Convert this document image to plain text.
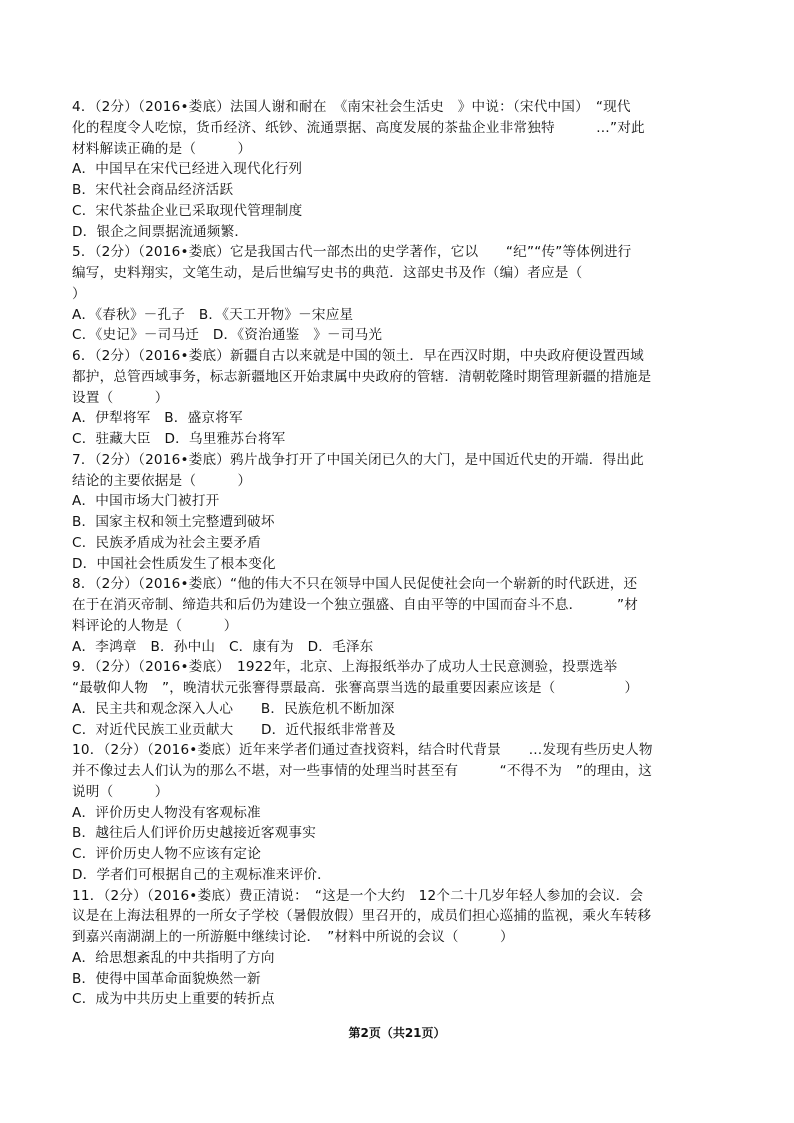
4．（2分）（2016•娄底）法国人谢和耐在　《南宋社会生活史　》中说：（宋代中国）　“现代
化的程度令人吃惊，货币经济、纸钞、流通票据、高度发展的茶盐企业非常独特　　　…”对此
材料解读正确的是（　　　）
A．中国早在宋代已经进入现代化行列
B．宋代社会商品经济活跃
C．宋代茶盐企业已采取现代管理制度
D．银企之间票据流通频繁．
5．（2分）（2016•娄底）它是我国古代一部杰出的史学著作，它以　　“纪”“传”等体例进行
编写，史料翔实，文笔生动，是后世编写史书的典范．这部史书及作（编）者应是（
）
A．《春秋》－孔子　B．《天工开物》－宋应星
C．《史记》－司马迁　D．《资治通鉴　》－司马光
6．（2分）（2016•娄底）新疆自古以来就是中国的领土．早在西汉时期，中央政府便设置西域
都护，总管西域事务，标志新疆地区开始隶属中央政府的管辖．清朝乾隆时期管理新疆的措施是
设置（　　　）
A．伊犁将军　B．盛京将军
C．驻藏大臣　D．乌里雅苏台将军
7．（2分）（2016•娄底）鸦片战争打开了中国关闭已久的大门，是中国近代史的开端．得出此
结论的主要依据是（　　　）
A．中国市场大门被打开
B．国家主权和领土完整遭到破坏
C．民族矛盾成为社会主要矛盾
D．中国社会性质发生了根本变化
8．（2分）（2016•娄底）“他的伟大不只在领导中国人民促使社会向一个崭新的时代跃进，还
在于在消灭帝制、缔造共和后仍为建设一个独立强盛、自由平等的中国而奋斗不息．　　　”材
料评论的人物是（　　　）
A．李鸿章　B．孙中山　C．康有为　D．毛泽东
9．（2分）（2016•娄底）　1922年，北京、上海报纸举办了成功人士民意测验，投票选举
“最敬仰人物　”，晚清状元张謇得票最高．张謇高票当选的最重要因素应该是（　　　　　）
A．民主共和观念深入人心　　B．民族危机不断加深
C．对近代民族工业贡献大　　D．近代报纸非常普及
10．（2分）（2016•娄底）近年来学者们通过查找资料，结合时代背景　　…发现有些历史人物
并不像过去人们认为的那么不堪，对一些事情的处理当时甚至有　　　“不得不为　”的理由，这
说明（　　　）
A．评价历史人物没有客观标准
B．越往后人们评价历史越接近客观事实
C．评价历史人物不应该有定论
D．学者们可根据自己的主观标准来评价．
11．（2分）（2016•娄底）费正清说：　“这是一个大约　12个二十几岁年轻人参加的会议．会
议是在上海法租界的一所女子学校（暑假放假）里召开的，成员们担心巡捕的监视，乘火车转移
到嘉兴南湖湖上的一所游艇中继续讨论．　”材料中所说的会议（　　　）
A．给思想紊乱的中共指明了方向
B．使得中国革命面貌焕然一新
C．成为中共历史上重要的转折点
第2页（共21页）
